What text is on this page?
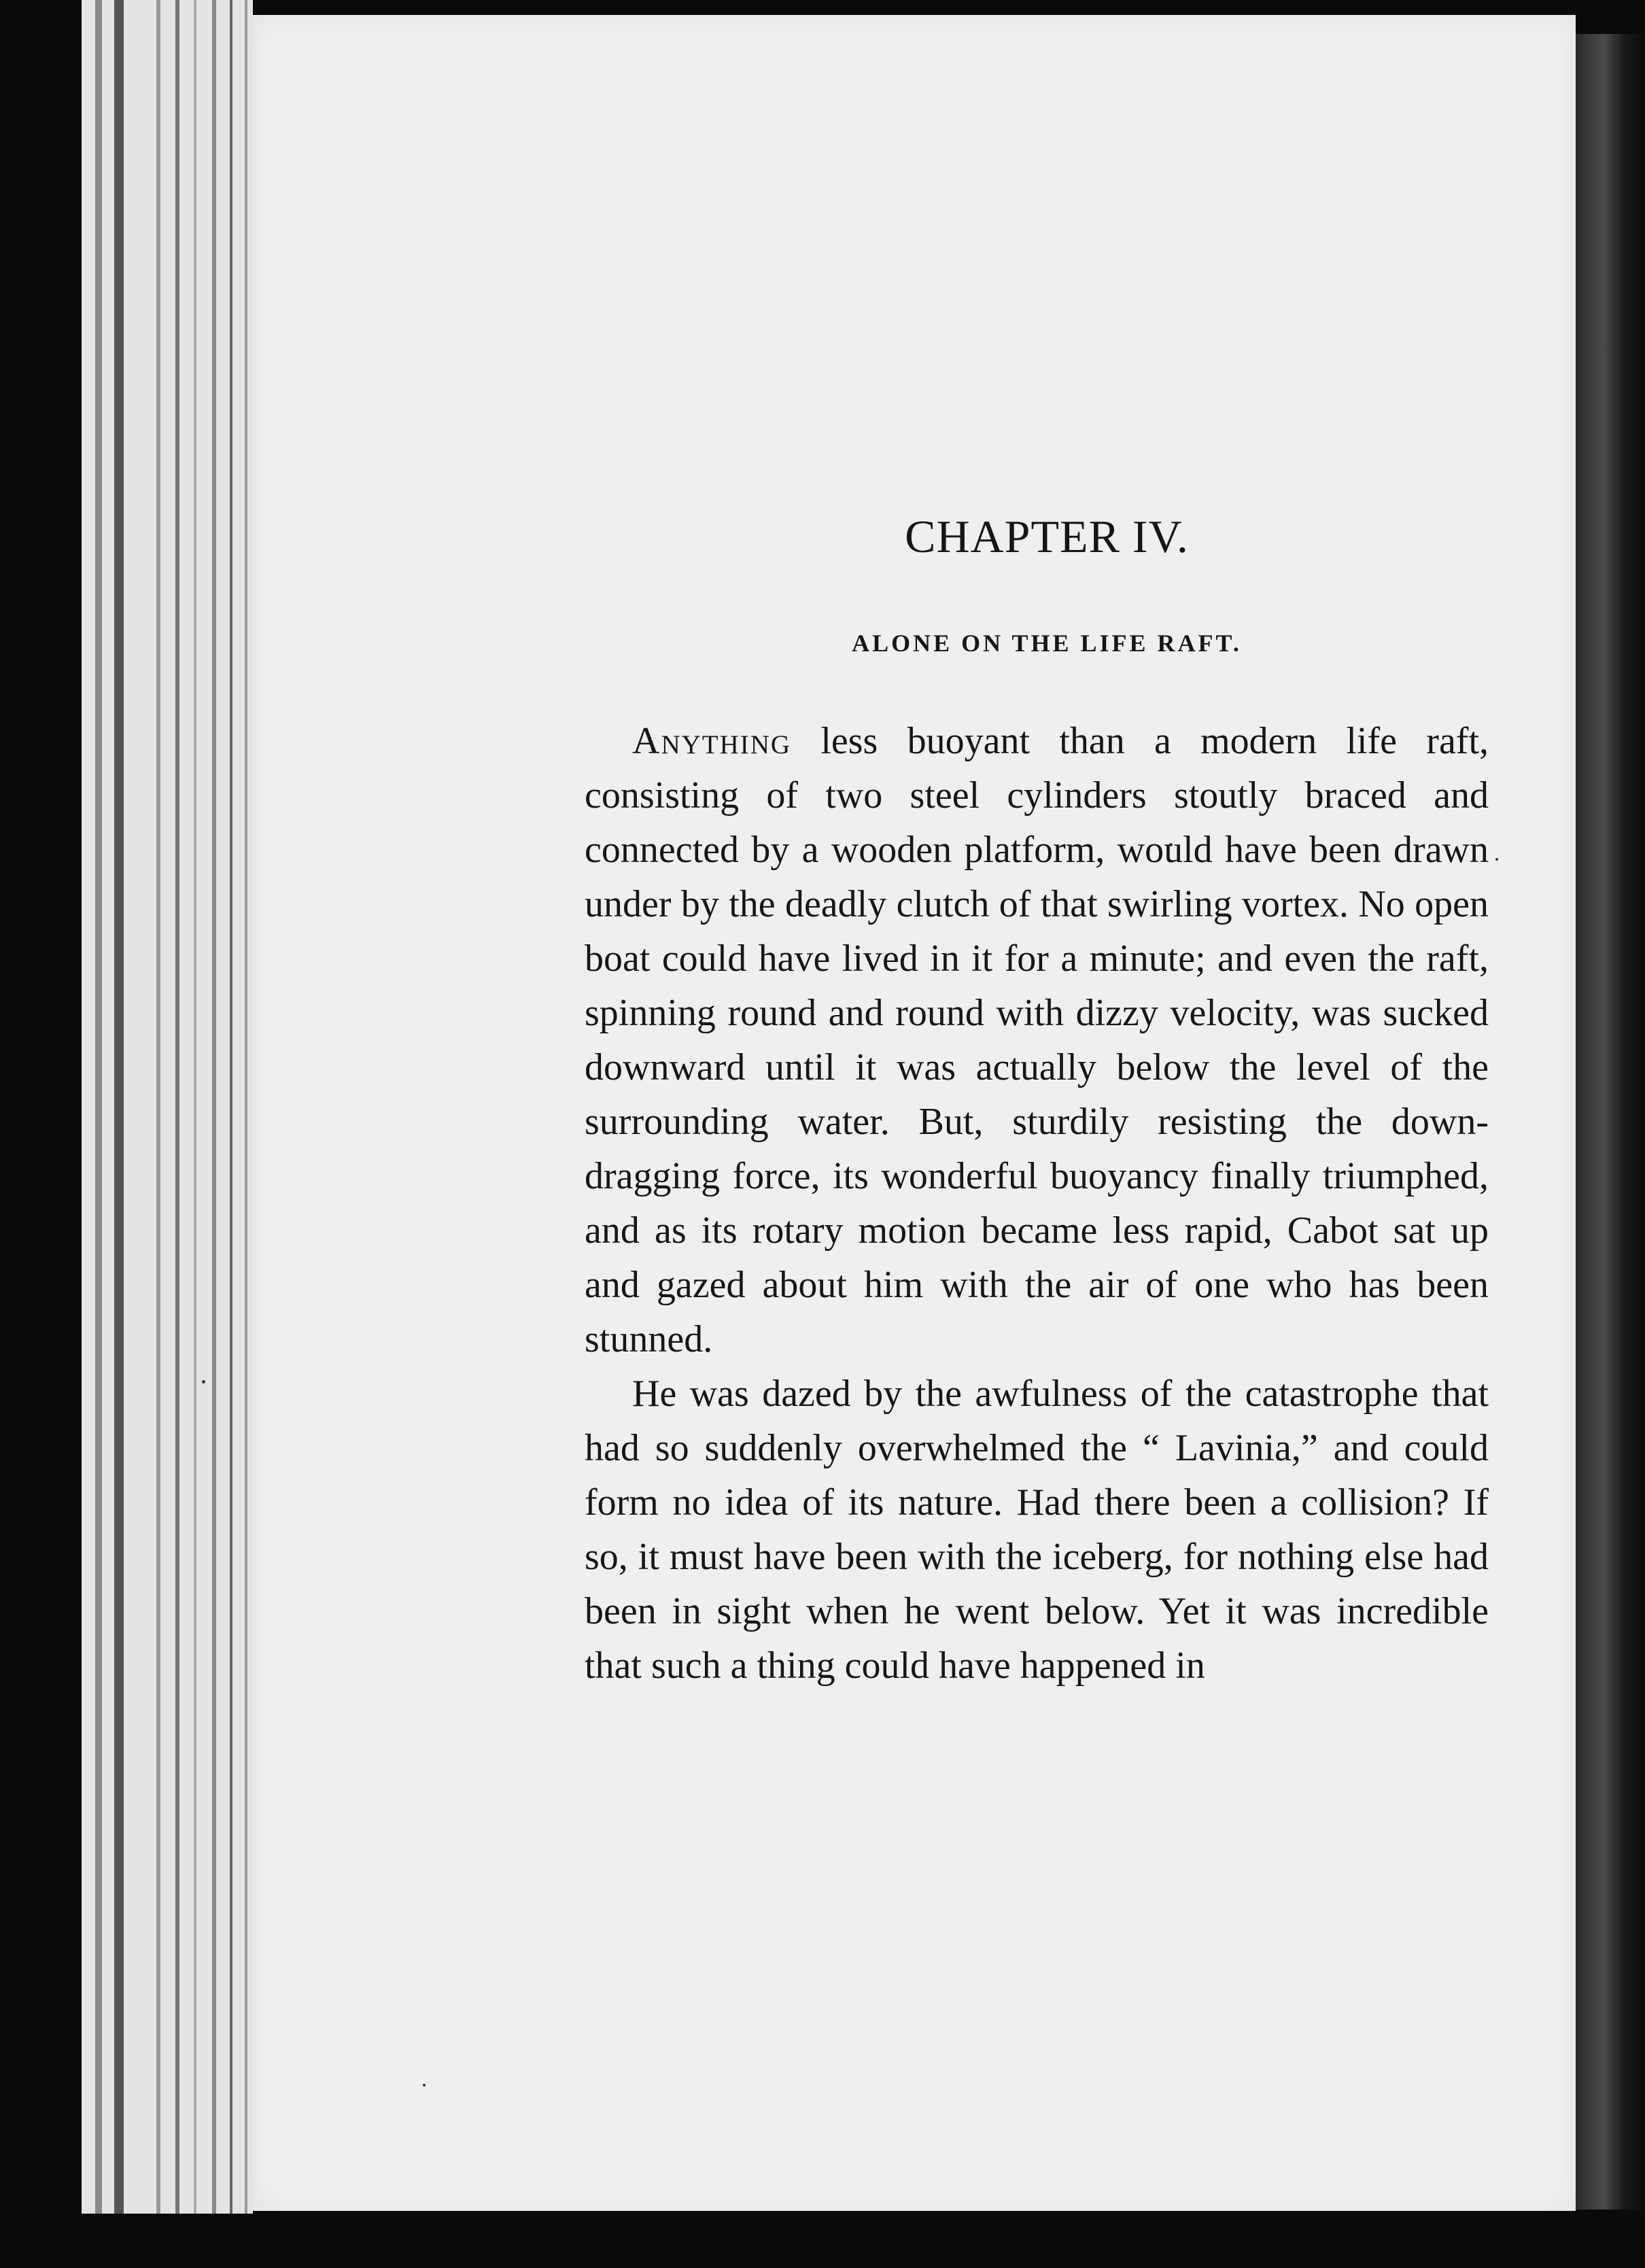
CHAPTER IV.
ALONE ON THE LIFE RAFT.

Anything less buoyant than a modern life raft, consisting of two steel cylinders stoutly braced and connected by a wooden platform, would have been drawn under by the deadly clutch of that swirling vortex. No open boat could have lived in it for a minute; and even the raft, spinning round and round with dizzy velocity, was sucked downward until it was actually below the level of the surrounding water. But, sturdily resisting the down-dragging force, its wonderful buoyancy finally triumphed, and as its rotary motion became less rapid, Cabot sat up and gazed about him with the air of one who has been stunned.

He was dazed by the awfulness of the catastrophe that had so suddenly overwhelmed the “ Lavinia,” and could form no idea of its nature. Had there been a collision? If so, it must have been with the iceberg, for nothing else had been in sight when he went below. Yet it was incredible that such a thing could have happened in
